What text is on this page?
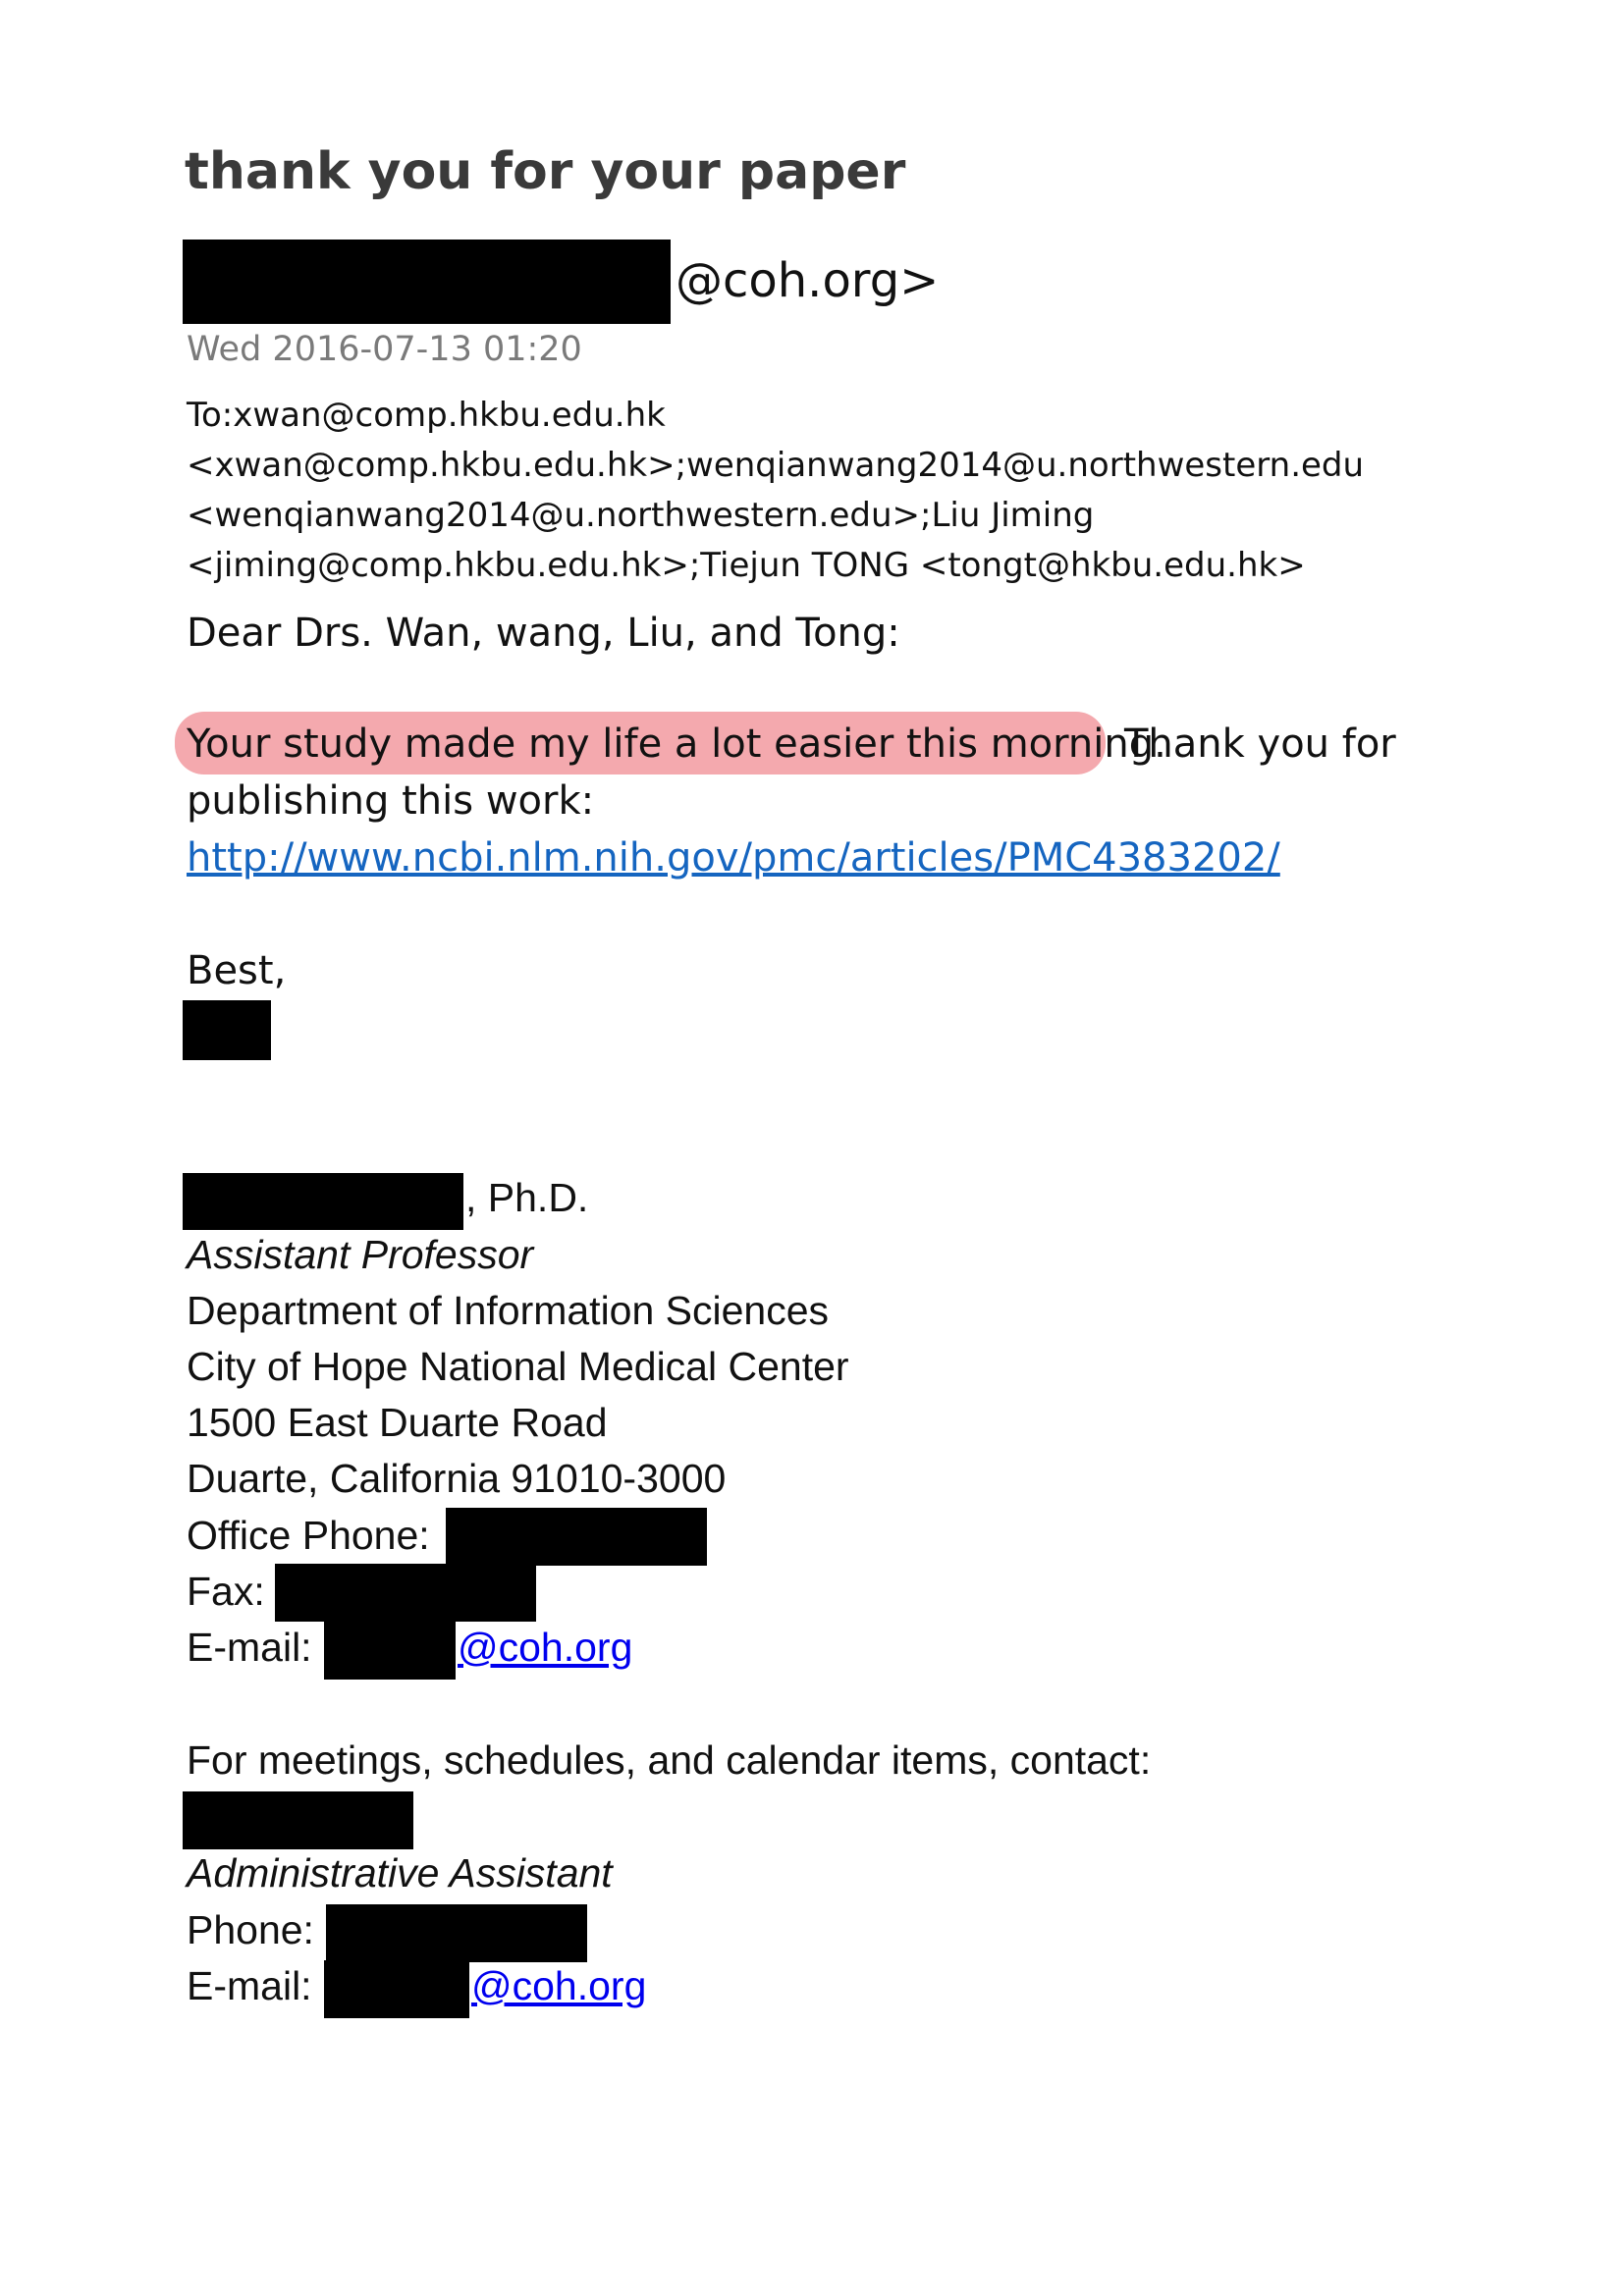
thank you for your paper
@coh.org>
Wed 2016-07-13 01:20
To:xwan@comp.hkbu.edu.hk
<xwan@comp.hkbu.edu.hk>;wenqianwang2014@u.northwestern.edu
<wenqianwang2014@u.northwestern.edu>;Liu Jiming
<jiming@comp.hkbu.edu.hk>;Tiejun TONG <tongt@hkbu.edu.hk>
Dear Drs. Wan, wang, Liu, and Tong:
Your study made my life a lot easier this morning.
Thank you for
publishing this work:
http://www.ncbi.nlm.nih.gov/pmc/articles/PMC4383202/
Best,
, Ph.D.
Assistant Professor
Department of Information Sciences
City of Hope National Medical Center
1500 East Duarte Road
Duarte, California 91010-3000
Office Phone:
Fax:
E-mail:	@coh.org
For meetings, schedules, and calendar items, contact:
Administrative Assistant
Phone:
E-mail:	@coh.org
